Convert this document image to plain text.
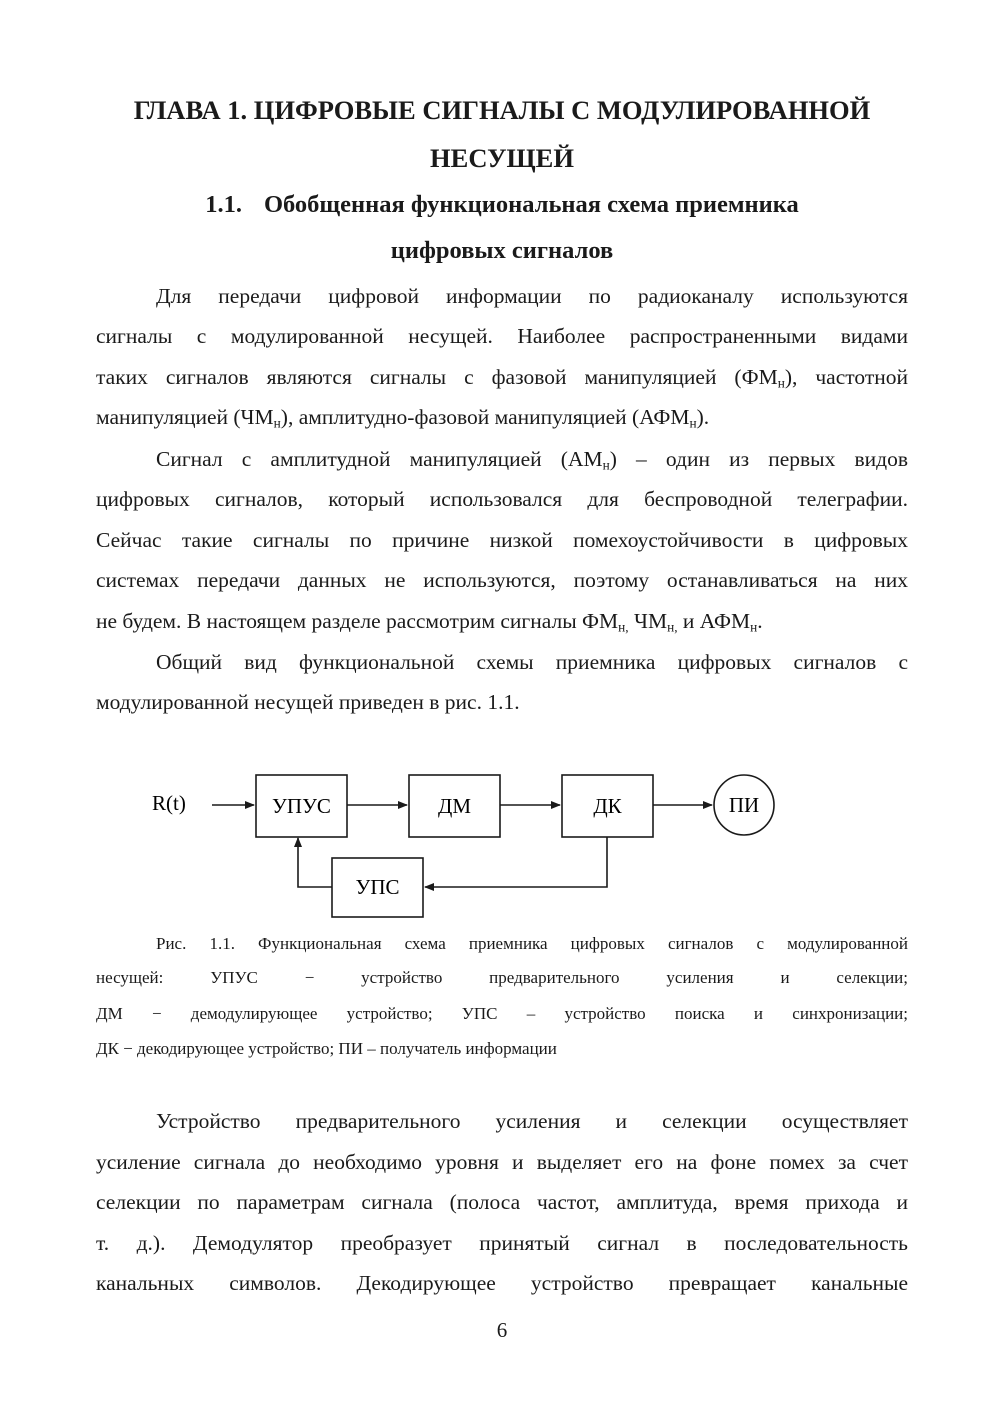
ГЛАВА 1. ЦИФРОВЫЕ СИГНАЛЫ С МОДУЛИРОВАННОЙ
НЕСУЩЕЙ
1.1. Обобщенная функциональная схема приемника
цифровых сигналов
Для передачи цифровой информации по радиоканалу используются
сигналы с модулированной несущей. Наиболее распространенными видами
таких сигналов являются сигналы с фазовой манипуляцией $(ФМ_н)$, частотной
манипуляцией $(ЧМ_н)$, амплитудно-фазовой манипуляцией $(АФМ_н)$.
Сигнал с амплитудной манипуляцией $(АМ_н)$ – один из первых видов
цифровых сигналов, который использовался для беспроводной телеграфии.
Сейчас такие сигналы по причине низкой помехоустойчивости в цифровых
системах передачи данных не используются, поэтому останавливаться на них
не будем. В настоящем разделе рассмотрим сигналы $ФМ_{н,}$ $ЧМ_{н,}$ и $АФМ_н$.
Общий вид функциональной схемы приемника цифровых сигналов с
модулированной несущей приведен в рис. 1.1.
R(t)	УПУС	ДМ	ДК	ПИ
УПС
Рис. 1.1. Функциональная схема приемника цифровых сигналов с модулированной
несущей: УПУС − устройство предварительного усиления и селекции;
ДМ − демодулирующее устройство; УПС – устройство поиска и синхронизации;
ДК − декодирующее устройство; ПИ – получатель информации
Устройство предварительного усиления и селекции осуществляет
усиление сигнала до необходимо уровня и выделяет его на фоне помех за счет
селекции по параметрам сигнала (полоса частот, амплитуда, время прихода и
т. д.). Демодулятор преобразует принятый сигнал в последовательность
канальных символов. Декодирующее устройство превращает канальные
6
